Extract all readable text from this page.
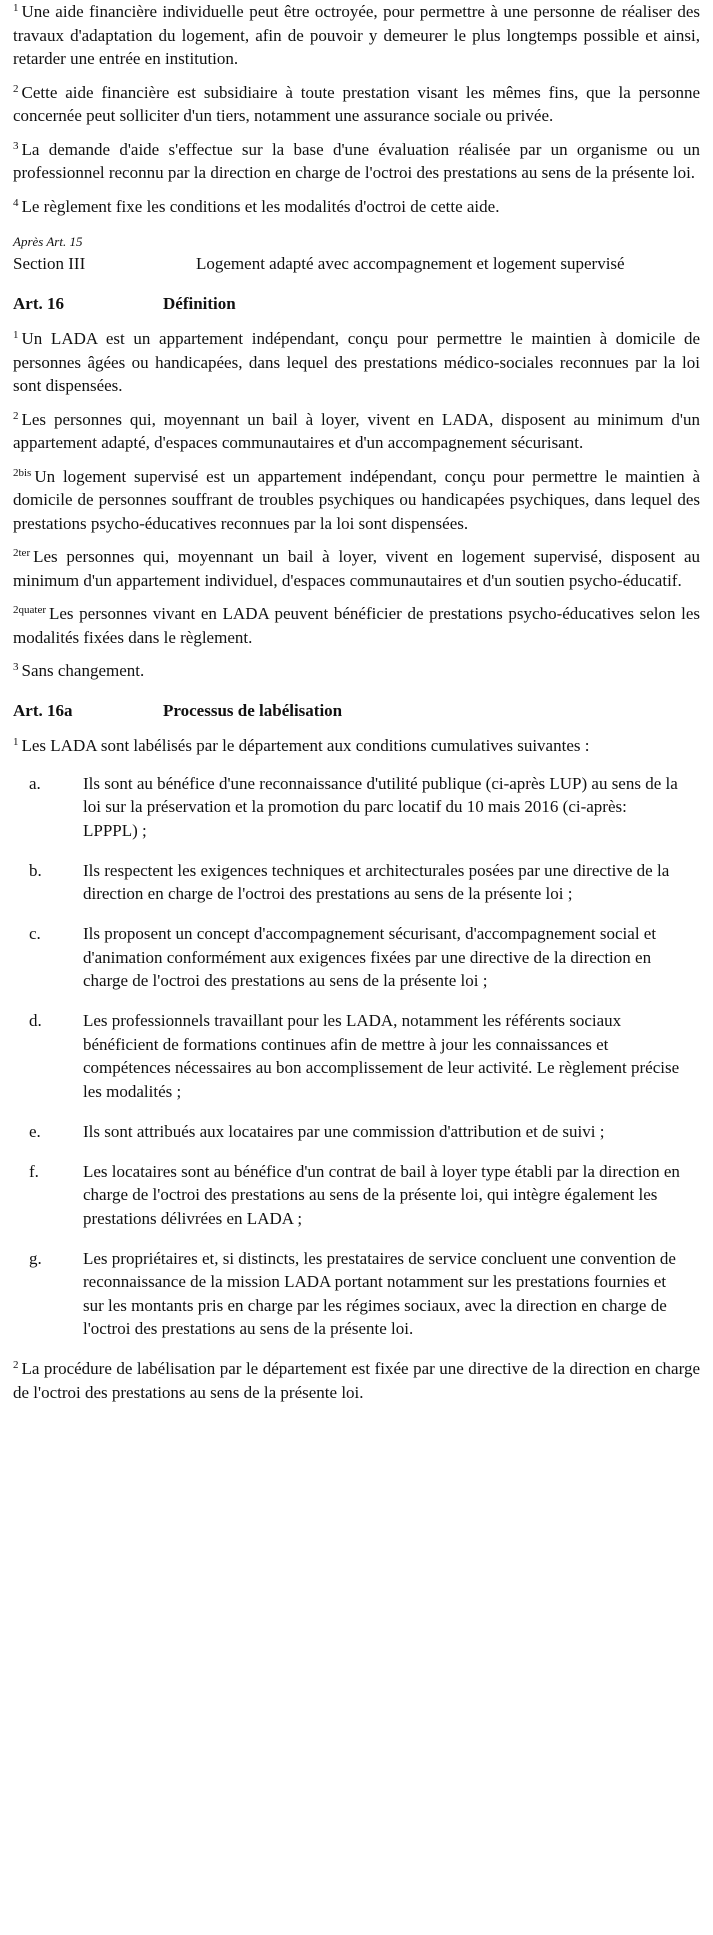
$^1$ Une aide financière individuelle peut être octroyée, pour permettre à une personne de réaliser des travaux d'adaptation du logement, afin de pouvoir y demeurer le plus longtemps possible et ainsi, retarder une entrée en institution.

$^2$ Cette aide financière est subsidiaire à toute prestation visant les mêmes fins, que la personne concernée peut solliciter d'un tiers, notamment une assurance sociale ou privée.

$^3$ La demande d'aide s'effectue sur la base d'une évaluation réalisée par un organisme ou un professionnel reconnu par la direction en charge de l'octroi des prestations au sens de la présente loi.

$^4$ Le règlement fixe les conditions et les modalités d'octroi de cette aide.

Après Art. 15
Section III	Logement adapté avec accompagnement et logement supervisé
Art. 16	Définition

$^1$ Un LADA est un appartement indépendant, conçu pour permettre le maintien à domicile de personnes âgées ou handicapées, dans lequel des prestations médico-sociales reconnues par la loi sont dispensées.

$^2$ Les personnes qui, moyennant un bail à loyer, vivent en LADA, disposent au minimum d'un appartement adapté, d'espaces communautaires et d'un accompagnement sécurisant.

$^{2bis}$ Un logement supervisé est un appartement indépendant, conçu pour permettre le maintien à domicile de personnes souffrant de troubles psychiques ou handicapées psychiques, dans lequel des prestations psycho-éducatives reconnues par la loi sont dispensées.

$^{2ter}$ Les personnes qui, moyennant un bail à loyer, vivent en logement supervisé, disposent au minimum d'un appartement individuel, d'espaces communautaires et d'un soutien psycho-éducatif.

$^{2quater}$ Les personnes vivant en LADA peuvent bénéficier de prestations psycho-éducatives selon les modalités fixées dans le règlement.

$^3$ Sans changement.

Art. 16a	Processus de labélisation

$^1$ Les LADA sont labélisés par le département aux conditions cumulatives suivantes :

a.	Ils sont au bénéfice d'une reconnaissance d'utilité publique (ci-après LUP) au sens de la loi sur la préservation et la promotion du parc locatif du 10 mais 2016 (ci-après: LPPPL) ;
b.	Ils respectent les exigences techniques et architecturales posées par une directive de la direction en charge de l'octroi des prestations au sens de la présente loi ;
c.	Ils proposent un concept d'accompagnement sécurisant, d'accompagnement social et d'animation conformément aux exigences fixées par une directive de la direction en charge de l'octroi des prestations au sens de la présente loi ;
d.	Les professionnels travaillant pour les LADA, notamment les référents sociaux bénéficient de formations continues afin de mettre à jour les connaissances et compétences nécessaires au bon accomplissement de leur activité. Le règlement précise les modalités ;
e.	Ils sont attribués aux locataires par une commission d'attribution et de suivi ;
f.	Les locataires sont au bénéfice d'un contrat de bail à loyer type établi par la direction en charge de l'octroi des prestations au sens de la présente loi, qui intègre également les prestations délivrées en LADA ;
g.	Les propriétaires et, si distincts, les prestataires de service concluent une convention de reconnaissance de la mission LADA portant notamment sur les prestations fournies et sur les montants pris en charge par les régimes sociaux, avec la direction en charge de l'octroi des prestations au sens de la présente loi.

$^2$ La procédure de labélisation par le département est fixée par une directive de la direction en charge de l'octroi des prestations au sens de la présente loi.
